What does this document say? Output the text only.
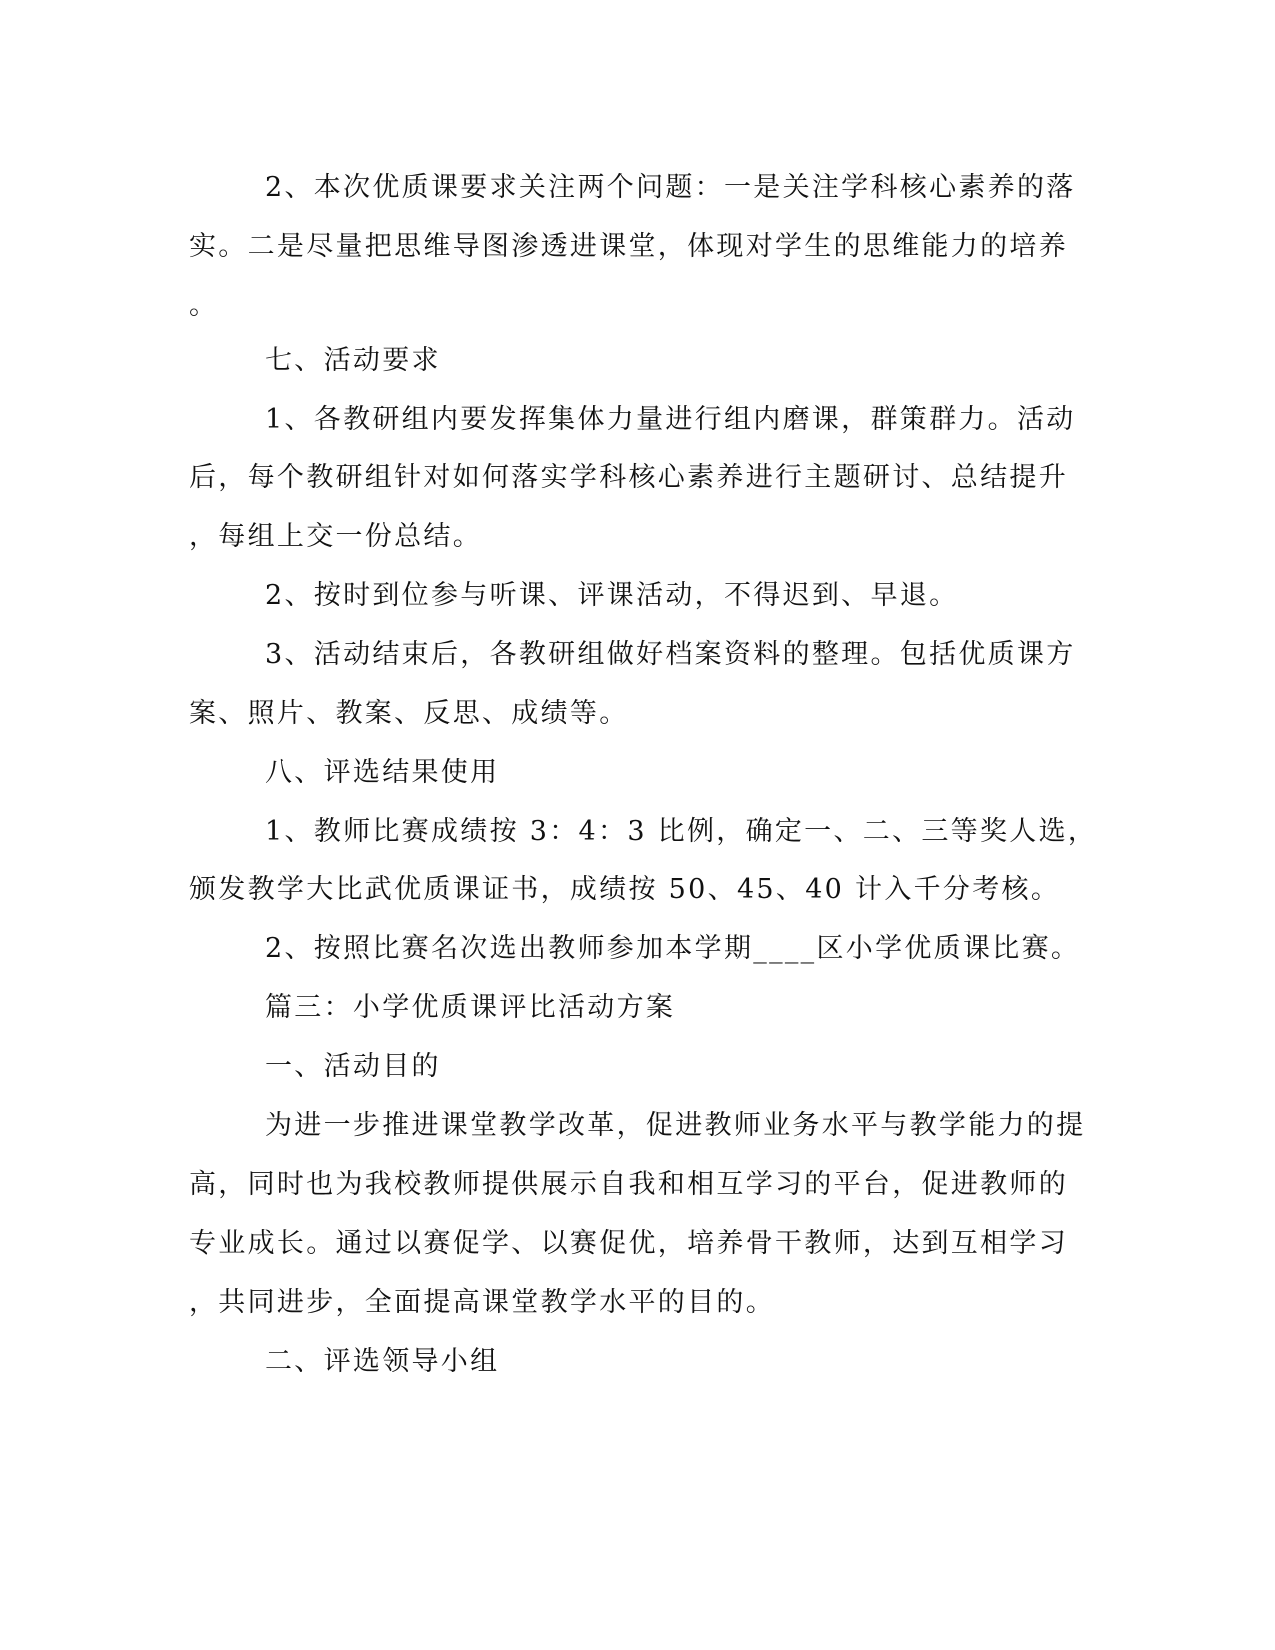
2、本次优质课要求关注两个问题：一是关注学科核心素养的落
实。二是尽量把思维导图渗透进课堂，体现对学生的思维能力的培养
。
七、活动要求
1、各教研组内要发挥集体力量进行组内磨课，群策群力。活动
后，每个教研组针对如何落实学科核心素养进行主题研讨、总结提升
，每组上交一份总结。
2、按时到位参与听课、评课活动，不得迟到、早退。
3、活动结束后，各教研组做好档案资料的整理。包括优质课方
案、照片、教案、反思、成绩等。
八、评选结果使用
1、教师比赛成绩按 3：4：3 比例，确定一、二、三等奖人选，
颁发教学大比武优质课证书，成绩按 50、45、40 计入千分考核。
2、按照比赛名次选出教师参加本学期____区小学优质课比赛。
篇三：小学优质课评比活动方案
一、活动目的
为进一步推进课堂教学改革，促进教师业务水平与教学能力的提
高，同时也为我校教师提供展示自我和相互学习的平台，促进教师的
专业成长。通过以赛促学、以赛促优，培养骨干教师，达到互相学习
，共同进步，全面提高课堂教学水平的目的。
二、评选领导小组
